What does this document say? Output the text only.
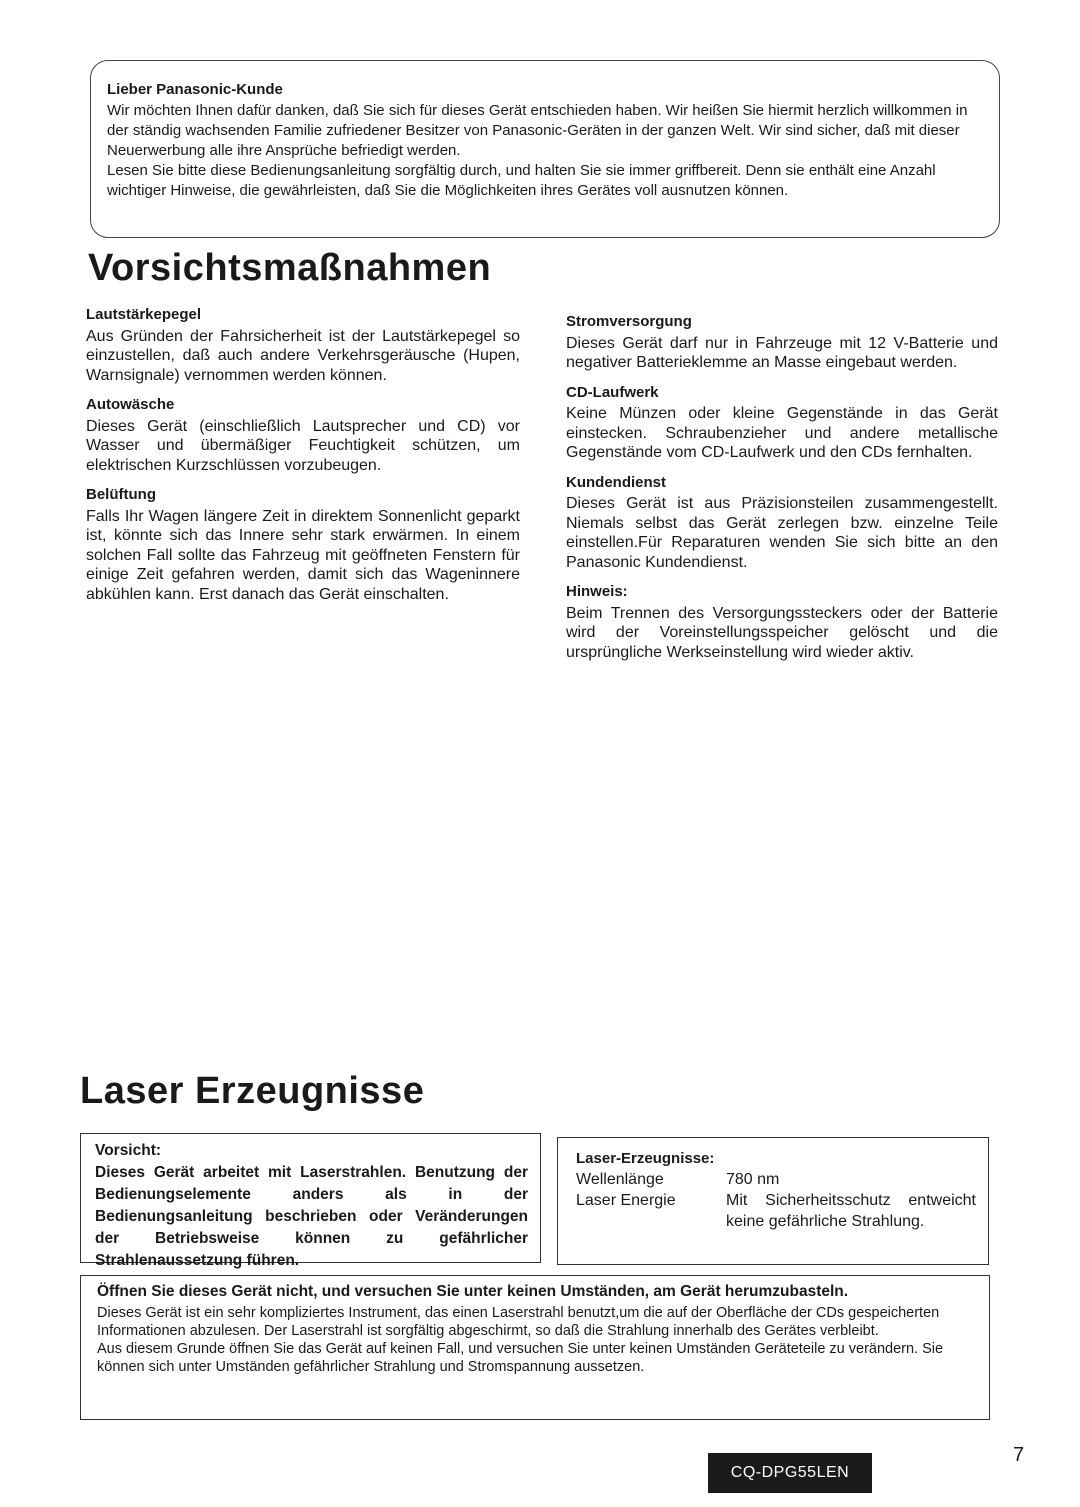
Lieber Panasonic-Kunde

Wir möchten Ihnen dafür danken, daß Sie sich für dieses Gerät entschieden haben. Wir heißen Sie hiermit herzlich willkommen in der ständig wachsenden Familie zufriedener Besitzer von Panasonic-Geräten in der ganzen Welt. Wir sind sicher, daß mit dieser Neuerwerbung alle ihre Ansprüche befriedigt werden.

Lesen Sie bitte diese Bedienungsanleitung sorgfältig durch, und halten Sie sie immer griffbereit. Denn sie enthält eine Anzahl wichtiger Hinweise, die gewährleisten, daß Sie die Möglichkeiten ihres Gerätes voll ausnutzen können.

Vorsichtsmaßnahmen
Lautstärkepegel

Aus Gründen der Fahrsicherheit ist der Lautstärkepegel so einzustellen, daß auch andere Verkehrsgeräusche (Hupen, Warnsignale) vernommen werden können.

Autowäsche

Dieses Gerät (einschließlich Lautsprecher und CD) vor Wasser und übermäßiger Feuchtigkeit schützen, um elektrischen Kurzschlüssen vorzubeugen.

Belüftung

Falls Ihr Wagen längere Zeit in direktem Sonnenlicht geparkt ist, könnte sich das Innere sehr stark erwärmen. In einem solchen Fall sollte das Fahrzeug mit geöffneten Fenstern für einige Zeit gefahren werden, damit sich das Wageninnere abkühlen kann. Erst danach das Gerät einschalten.

Stromversorgung

Dieses Gerät darf nur in Fahrzeuge mit 12 V-Batterie und negativer Batterieklemme an Masse eingebaut werden.

CD-Laufwerk

Keine Münzen oder kleine Gegenstände in das Gerät einstecken. Schraubenzieher und andere metallische Gegenstände vom CD-Laufwerk und den CDs fernhalten.

Kundendienst

Dieses Gerät ist aus Präzisionsteilen zusammengestellt. Niemals selbst das Gerät zerlegen bzw. einzelne Teile einstellen.Für Reparaturen wenden Sie sich bitte an den Panasonic Kundendienst.

Hinweis:

Beim Trennen des Versorgungssteckers oder der Batterie wird der Voreinstellungsspeicher gelöscht und die ursprüngliche Werkseinstellung wird wieder aktiv.

Laser Erzeugnisse
Vorsicht:
Dieses Gerät arbeitet mit Laserstrahlen. Benutzung der Bedienungselemente anders als in der Bedienungsanleitung beschrieben oder Veränderungen der Betriebsweise können zu gefährlicher Strahlenaussetzung führen.
Laser-Erzeugnisse:
Wellenlänge	780 nm
Laser Energie	Mit Sicherheitsschutz entweicht keine gefährliche Strahlung.
Öffnen Sie dieses Gerät nicht, und versuchen Sie unter keinen Umständen, am Gerät herumzubasteln.

Dieses Gerät ist ein sehr kompliziertes Instrument, das einen Laserstrahl benutzt,um die auf der Oberfläche der CDs gespeicherten Informationen abzulesen. Der Laserstrahl ist sorgfältig abgeschirmt, so daß die Strahlung innerhalb des Gerätes verbleibt.

Aus diesem Grunde öffnen Sie das Gerät auf keinen Fall, und versuchen Sie unter keinen Umständen Geräteteile zu verändern. Sie können sich unter Umständen gefährlicher Strahlung und Stromspannung aussetzen.

CQ-DPG55LEN
7
